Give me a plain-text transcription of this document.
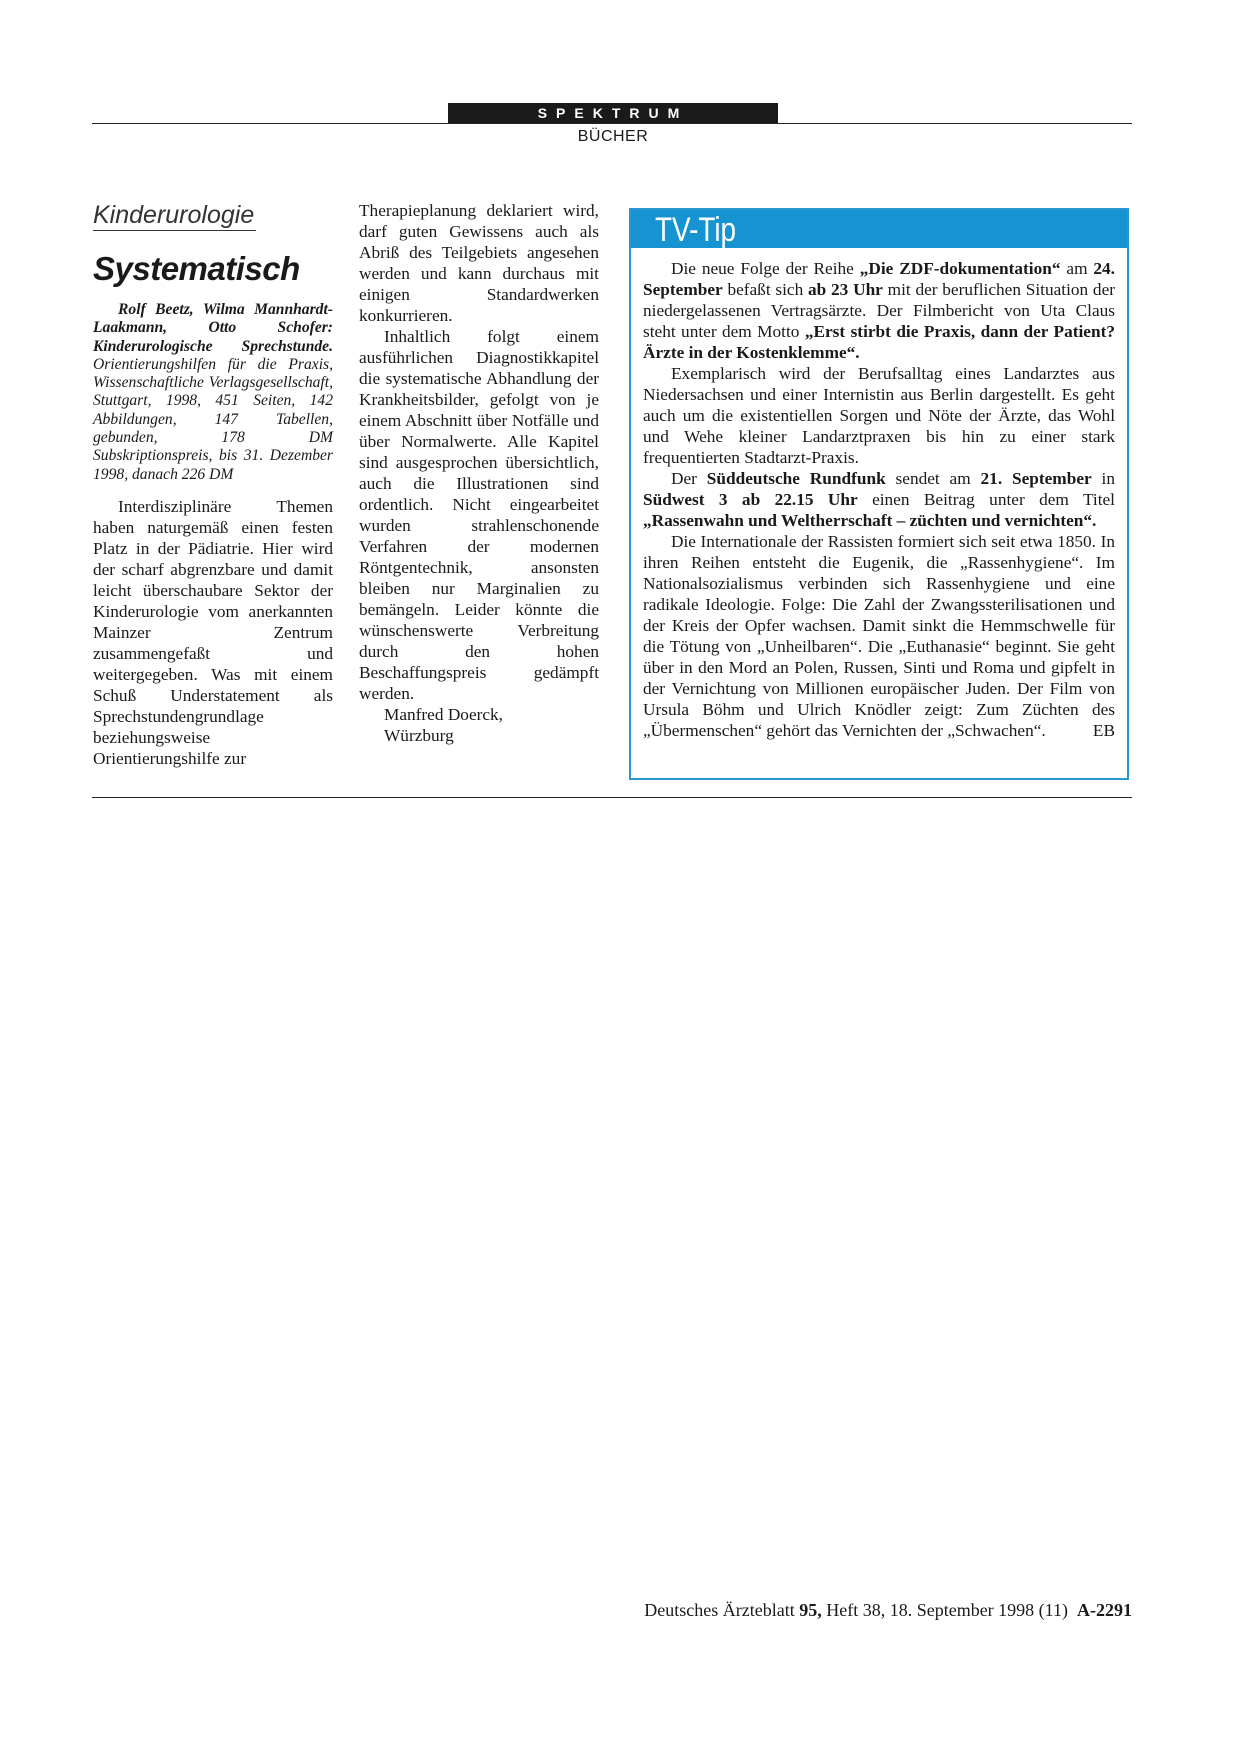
SPEKTRUM
BÜCHER
Kinderurologie
Systematisch
Rolf Beetz, Wilma Mannhardt-Laakmann, Otto Schofer: Kinderurologische Sprechstunde. Orientierungshilfen für die Praxis, Wissenschaftliche Verlagsgesellschaft, Stuttgart, 1998, 451 Seiten, 142 Abbildungen, 147 Tabellen, gebunden, 178 DM Subskriptionspreis, bis 31. Dezember 1998, danach 226 DM

Interdisziplinäre Themen haben naturgemäß einen festen Platz in der Pädiatrie. Hier wird der scharf abgrenzbare und damit leicht überschaubare Sektor der Kinderurologie vom anerkannten Mainzer Zentrum zusammengefaßt und weitergegeben. Was mit einem Schuß Understatement als Sprechstundengrundlage beziehungsweise Orientierungshilfe zur

Therapieplanung deklariert wird, darf guten Gewissens auch als Abriß des Teilgebiets angesehen werden und kann durchaus mit einigen Standardwerken konkurrieren.

Inhaltlich folgt einem ausführlichen Diagnostikkapitel die systematische Abhandlung der Krankheitsbilder, gefolgt von je einem Abschnitt über Notfälle und über Normalwerte. Alle Kapitel sind ausgesprochen übersichtlich, auch die Illustrationen sind ordentlich. Nicht eingearbeitet wurden strahlenschonende Verfahren der modernen Röntgentechnik, ansonsten bleiben nur Marginalien zu bemängeln. Leider könnte die wünschenswerte Verbreitung durch den hohen Beschaffungspreis gedämpft werden.

Manfred Doerck,
Würzburg
TV-Tip

Die neue Folge der Reihe „Die ZDF-dokumentation“ am 24. September befaßt sich ab 23 Uhr mit der beruflichen Situation der niedergelassenen Vertragsärzte. Der Filmbericht von Uta Claus steht unter dem Motto „Erst stirbt die Praxis, dann der Patient? Ärzte in der Kostenklemme“.

Exemplarisch wird der Berufsalltag eines Landarztes aus Niedersachsen und einer Internistin aus Berlin dargestellt. Es geht auch um die existentiellen Sorgen und Nöte der Ärzte, das Wohl und Wehe kleiner Landarztpraxen bis hin zu einer stark frequentierten Stadtarzt-Praxis.

Der Süddeutsche Rundfunk sendet am 21. September in Südwest 3 ab 22.15 Uhr einen Beitrag unter dem Titel „Rassenwahn und Weltherrschaft – züchten und vernichten“.

Die Internationale der Rassisten formiert sich seit etwa 1850. In ihren Reihen entsteht die Eugenik, die „Rassenhygiene“. Im Nationalsozialismus verbinden sich Rassenhygiene und eine radikale Ideologie. Folge: Die Zahl der Zwangssterilisationen und der Kreis der Opfer wachsen. Damit sinkt die Hemmschwelle für die Tötung von „Unheilbaren“. Die „Euthanasie“ beginnt. Sie geht über in den Mord an Polen, Russen, Sinti und Roma und gipfelt in der Vernichtung von Millionen europäischer Juden. Der Film von Ursula Böhm und Ulrich Knödler zeigt: Zum Züchten des „Übermenschen“ gehört das Vernichten der „Schwachen“.	EB

Deutsches Ärzteblatt 95, Heft 38, 18. September 1998 (11) A-2291
